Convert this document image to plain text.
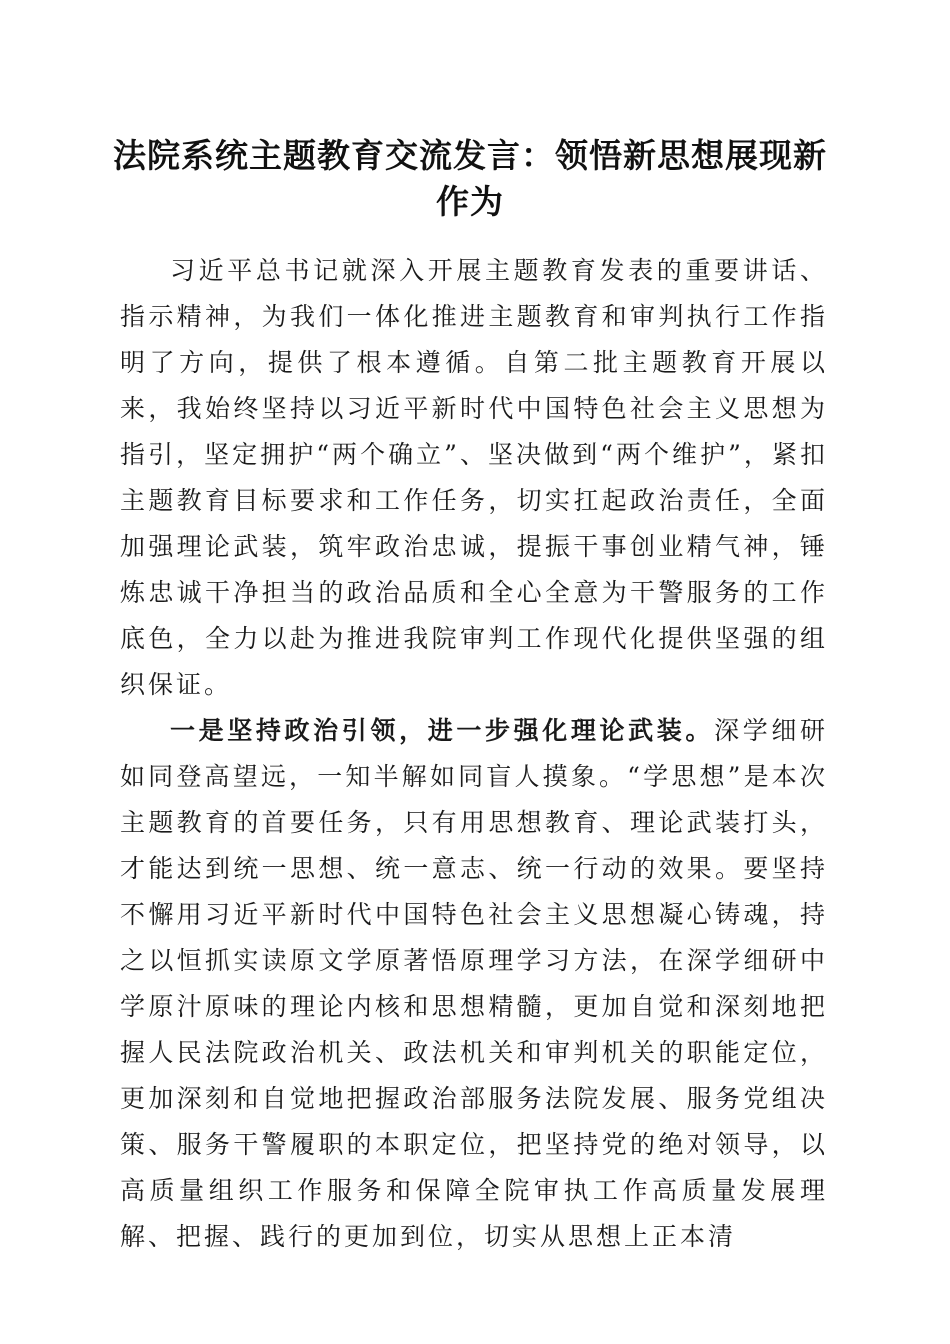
法院系统主题教育交流发言：领悟新思想展现新作为

习近平总书记就深入开展主题教育发表的重要讲话、指示精神，为我们一体化推进主题教育和审判执行工作指明了方向，提供了根本遵循。自第二批主题教育开展以来，我始终坚持以习近平新时代中国特色社会主义思想为指引，坚定拥护“两个确立”、坚决做到“两个维护”，紧扣主题教育目标要求和工作任务，切实扛起政治责任，全面加强理论武装，筑牢政治忠诚，提振干事创业精气神，锤炼忠诚干净担当的政治品质和全心全意为干警服务的工作底色，全力以赴为推进我院审判工作现代化提供坚强的组织保证。

一是坚持政治引领，进一步强化理论武装。深学细研如同登高望远，一知半解如同盲人摸象。“学思想”是本次主题教育的首要任务，只有用思想教育、理论武装打头，才能达到统一思想、统一意志、统一行动的效果。要坚持不懈用习近平新时代中国特色社会主义思想凝心铸魂，持之以恒抓实读原文学原著悟原理学习方法，在深学细研中学原汁原味的理论内核和思想精髓，更加自觉和深刻地把握人民法院政治机关、政法机关和审判机关的职能定位，更加深刻和自觉地把握政治部服务法院发展、服务党组决策、服务干警履职的本职定位，把坚持党的绝对领导，以高质量组织工作服务和保障全院审执工作高质量发展理解、把握、践行的更加到位，切实从思想上正本清
